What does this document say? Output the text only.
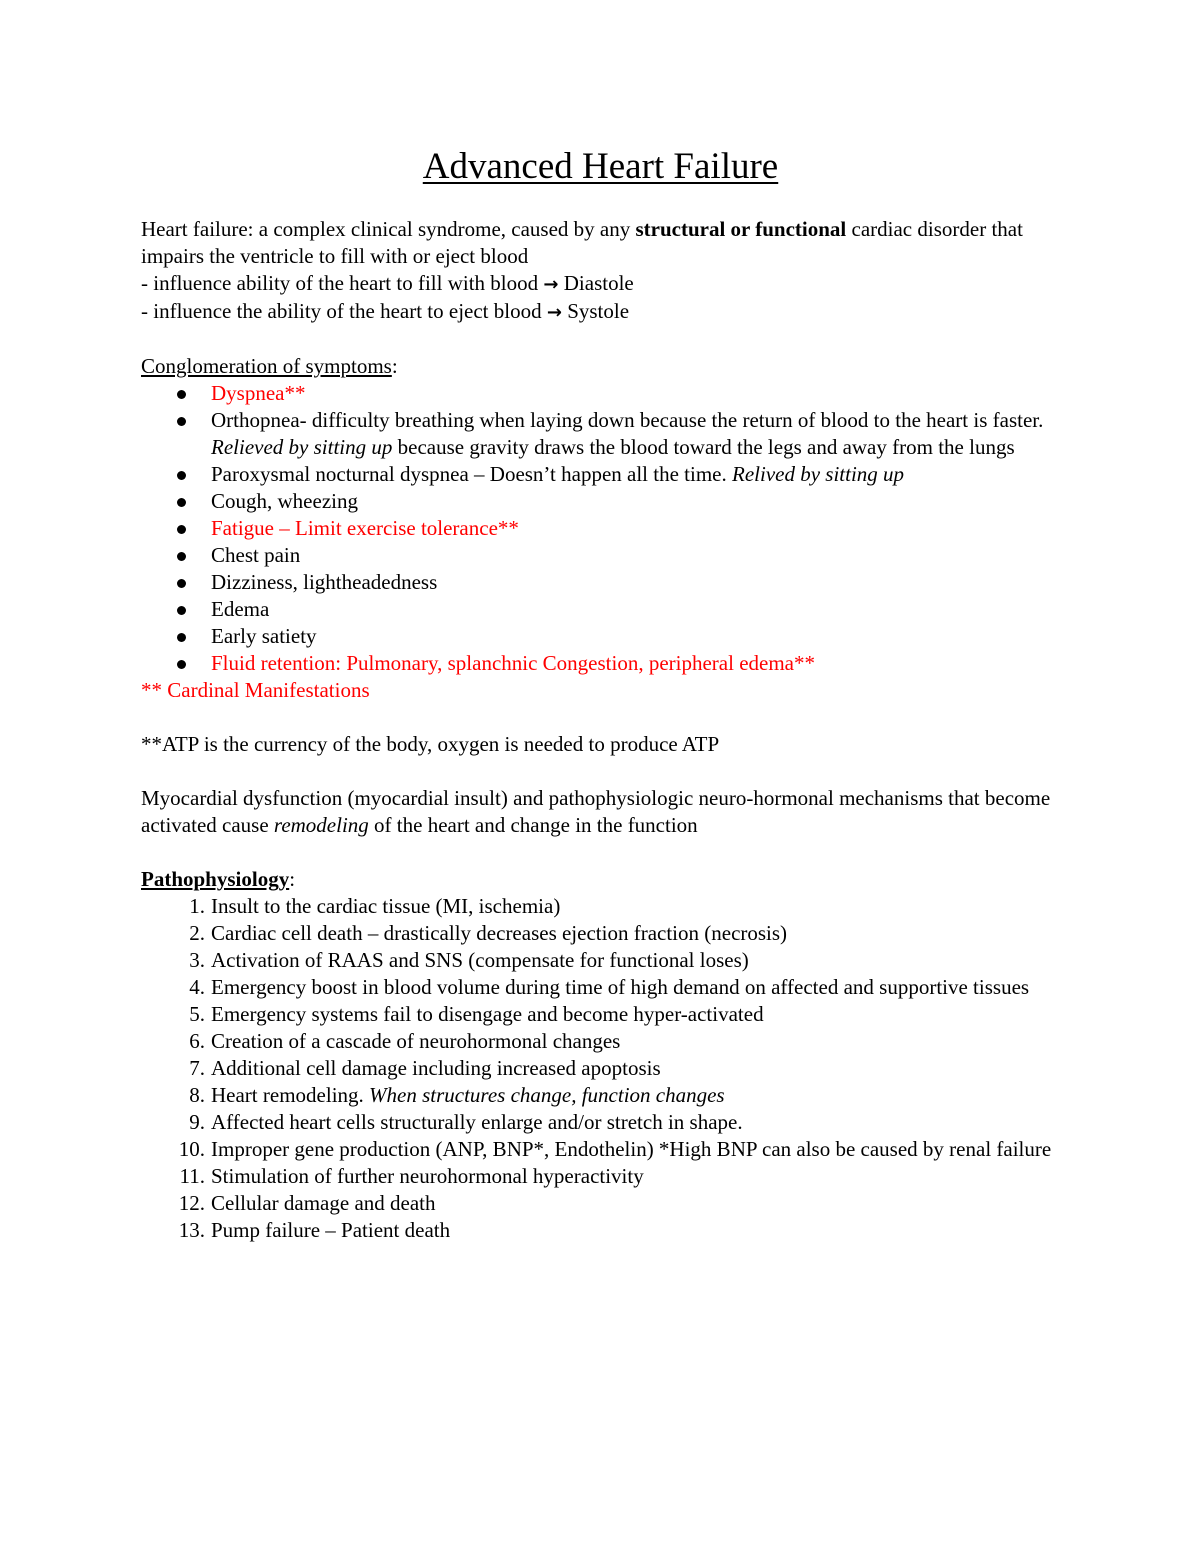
Advanced Heart Failure

Heart failure: a complex clinical syndrome, caused by any structural or functional cardiac disorder that impairs the ventricle to fill with or eject blood

- influence ability of the heart to fill with blood → Diastole

- influence the ability of the heart to eject blood → Systole

Conglomeration of symptoms:

Dyspnea**
Orthopnea- difficulty breathing when laying down because the return of blood to the heart is faster. Relieved by sitting up because gravity draws the blood toward the legs and away from the lungs
Paroxysmal nocturnal dyspnea – Doesn’t happen all the time. Relived by sitting up
Cough, wheezing
Fatigue – Limit exercise tolerance**
Chest pain
Dizziness, lightheadedness
Edema
Early satiety
Fluid retention: Pulmonary, splanchnic Congestion, peripheral edema**

** Cardinal Manifestations

**ATP is the currency of the body, oxygen is needed to produce ATP

Myocardial dysfunction (myocardial insult) and pathophysiologic neuro-hormonal mechanisms that become activated cause remodeling of the heart and change in the function

Pathophysiology:

1. Insult to the cardiac tissue (MI, ischemia)
2. Cardiac cell death – drastically decreases ejection fraction (necrosis)
3. Activation of RAAS and SNS (compensate for functional loses)
4. Emergency boost in blood volume during time of high demand on affected and supportive tissues
5. Emergency systems fail to disengage and become hyper-activated
6. Creation of a cascade of neurohormonal changes
7. Additional cell damage including increased apoptosis
8. Heart remodeling. When structures change, function changes
9. Affected heart cells structurally enlarge and/or stretch in shape.
10. Improper gene production (ANP, BNP*, Endothelin) *High BNP can also be caused by renal failure
11. Stimulation of further neurohormonal hyperactivity
12. Cellular damage and death
13. Pump failure – Patient death
